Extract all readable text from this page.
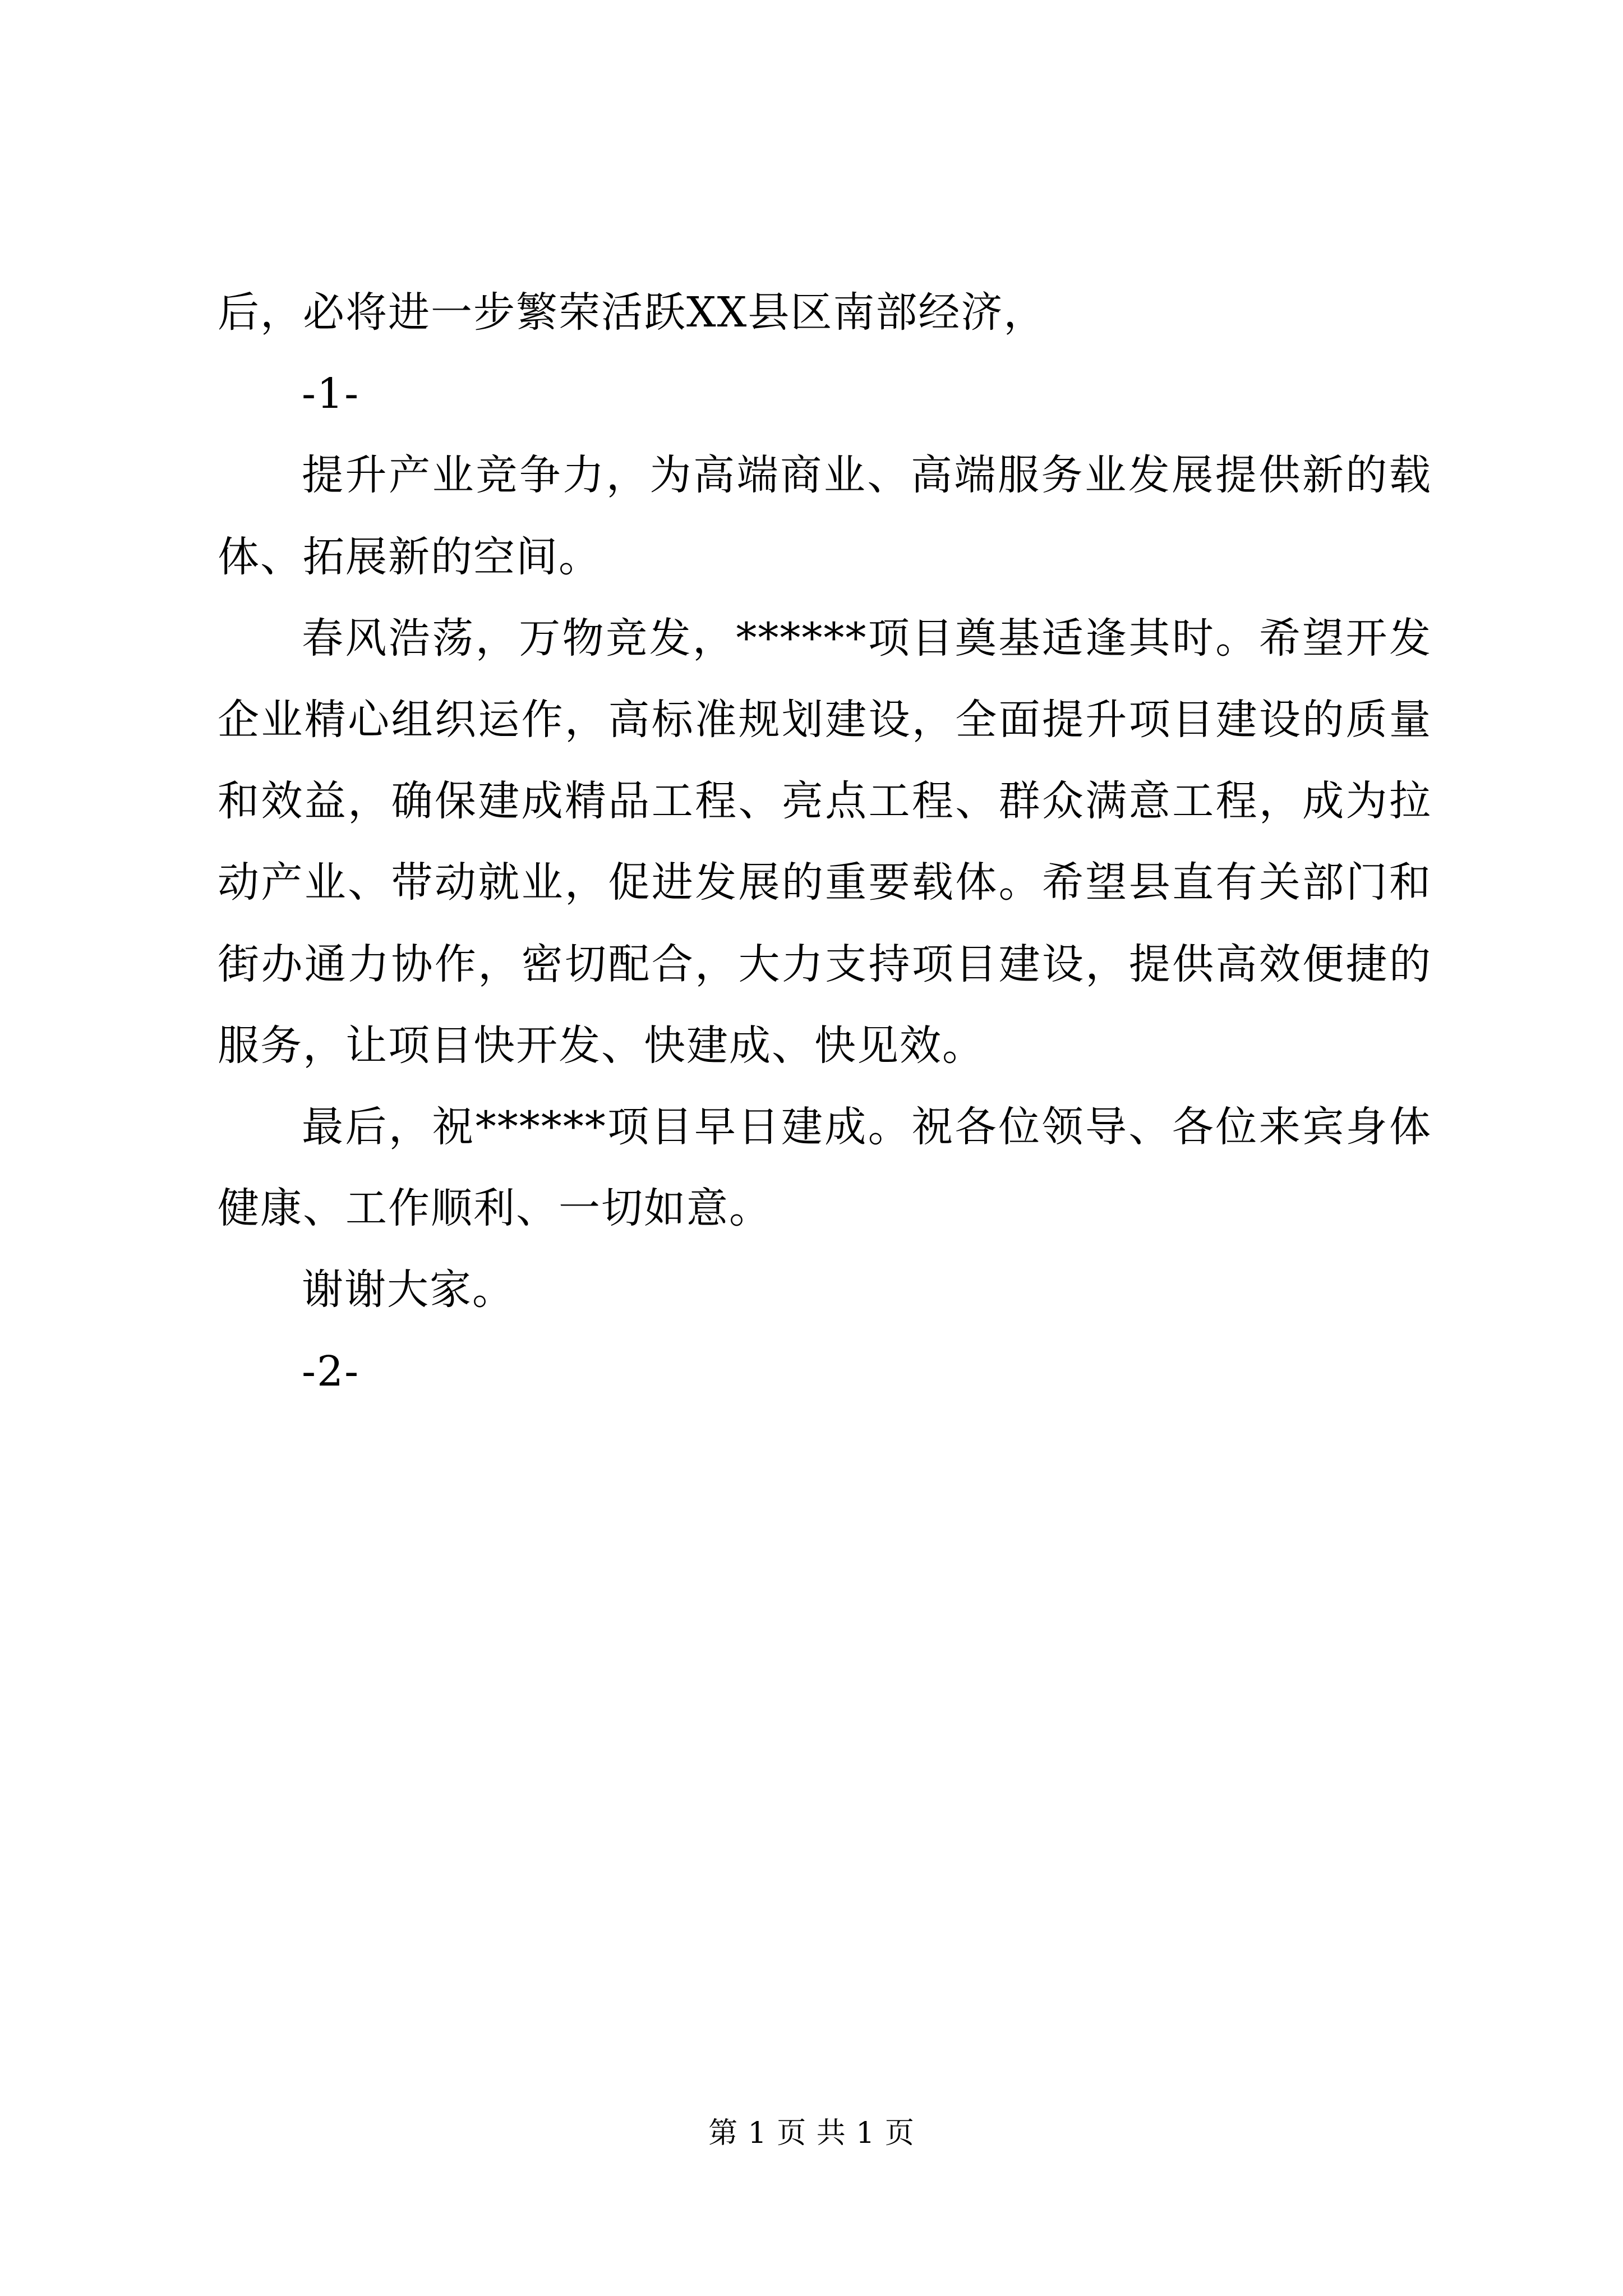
后，必将进一步繁荣活跃XX县区南部经济，

-1-

提升产业竞争力，为高端商业、高端服务业发展提供新的载体、拓展新的空间。

春风浩荡，万物竞发，******项目奠基适逢其时。希望开发企业精心组织运作，高标准规划建设，全面提升项目建设的质量和效益，确保建成精品工程、亮点工程、群众满意工程，成为拉动产业、带动就业，促进发展的重要载体。希望县直有关部门和街办通力协作，密切配合，大力支持项目建设，提供高效便捷的服务，让项目快开发、快建成、快见效。

最后，祝******项目早日建成。祝各位领导、各位来宾身体健康、工作顺利、一切如意。

谢谢大家。

-2-

第 1 页 共 1 页
